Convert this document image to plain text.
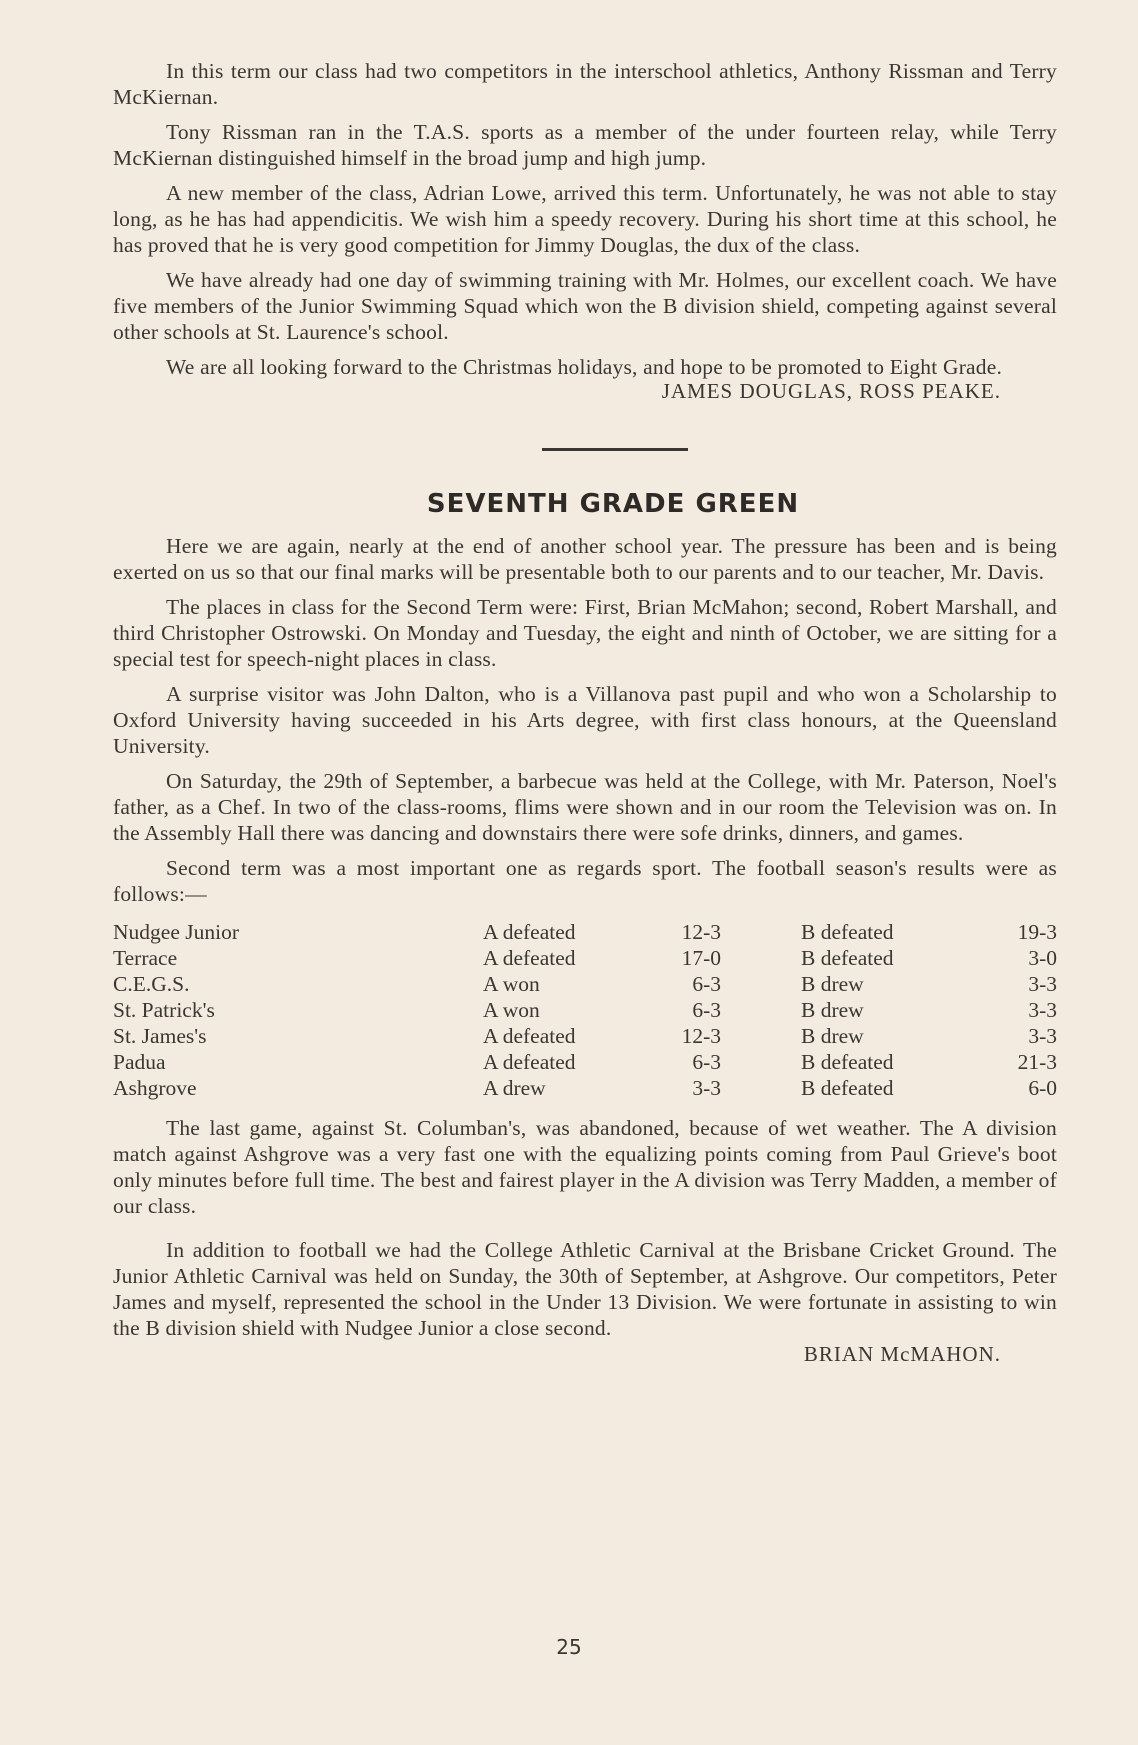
In this term our class had two competitors in the interschool athletics, Anthony Rissman and Terry McKiernan.

Tony Rissman ran in the T.A.S. sports as a member of the under fourteen relay, while Terry McKiernan distinguished himself in the broad jump and high jump.

A new member of the class, Adrian Lowe, arrived this term. Unfortunately, he was not able to stay long, as he has had appendicitis. We wish him a speedy recovery. During his short time at this school, he has proved that he is very good competition for Jimmy Douglas, the dux of the class.

We have already had one day of swimming training with Mr. Holmes, our excellent coach. We have five members of the Junior Swimming Squad which won the B division shield, competing against several other schools at St. Laurence's school.

We are all looking forward to the Christmas holidays, and hope to be promoted to Eight Grade.

JAMES DOUGLAS, ROSS PEAKE.
SEVENTH GRADE GREEN

Here we are again, nearly at the end of another school year. The pressure has been and is being exerted on us so that our final marks will be presentable both to our parents and to our teacher, Mr. Davis.

The places in class for the Second Term were: First, Brian McMahon; second, Robert Marshall, and third Christopher Ostrowski. On Monday and Tuesday, the eight and ninth of October, we are sitting for a special test for speech-night places in class.

A surprise visitor was John Dalton, who is a Villanova past pupil and who won a Scholarship to Oxford University having succeeded in his Arts degree, with first class honours, at the Queensland University.

On Saturday, the 29th of September, a barbecue was held at the College, with Mr. Paterson, Noel's father, as a Chef. In two of the class-rooms, flims were shown and in our room the Television was on. In the Assembly Hall there was dancing and downstairs there were sofe drinks, dinners, and games.

Second term was a most important one as regards sport. The football season's results were as follows:—

Nudgee Junior	A defeated	12-3		B defeated	19-3
Terrace	A defeated	17-0		B defeated	3-0
C.E.G.S.	A won	6-3		B drew	3-3
St. Patrick's	A won	6-3		B drew	3-3
St. James's	A defeated	12-3		B drew	3-3
Padua	A defeated	6-3		B defeated	21-3
Ashgrove	A drew	3-3		B defeated	6-0

The last game, against St. Columban's, was abandoned, because of wet weather. The A division match against Ashgrove was a very fast one with the equalizing points coming from Paul Grieve's boot only minutes before full time. The best and fairest player in the A division was Terry Madden, a member of our class.

In addition to football we had the College Athletic Carnival at the Brisbane Cricket Ground. The Junior Athletic Carnival was held on Sunday, the 30th of September, at Ashgrove. Our competitors, Peter James and myself, represented the school in the Under 13 Division. We were fortunate in assisting to win the B division shield with Nudgee Junior a close second.

BRIAN McMAHON.
25
